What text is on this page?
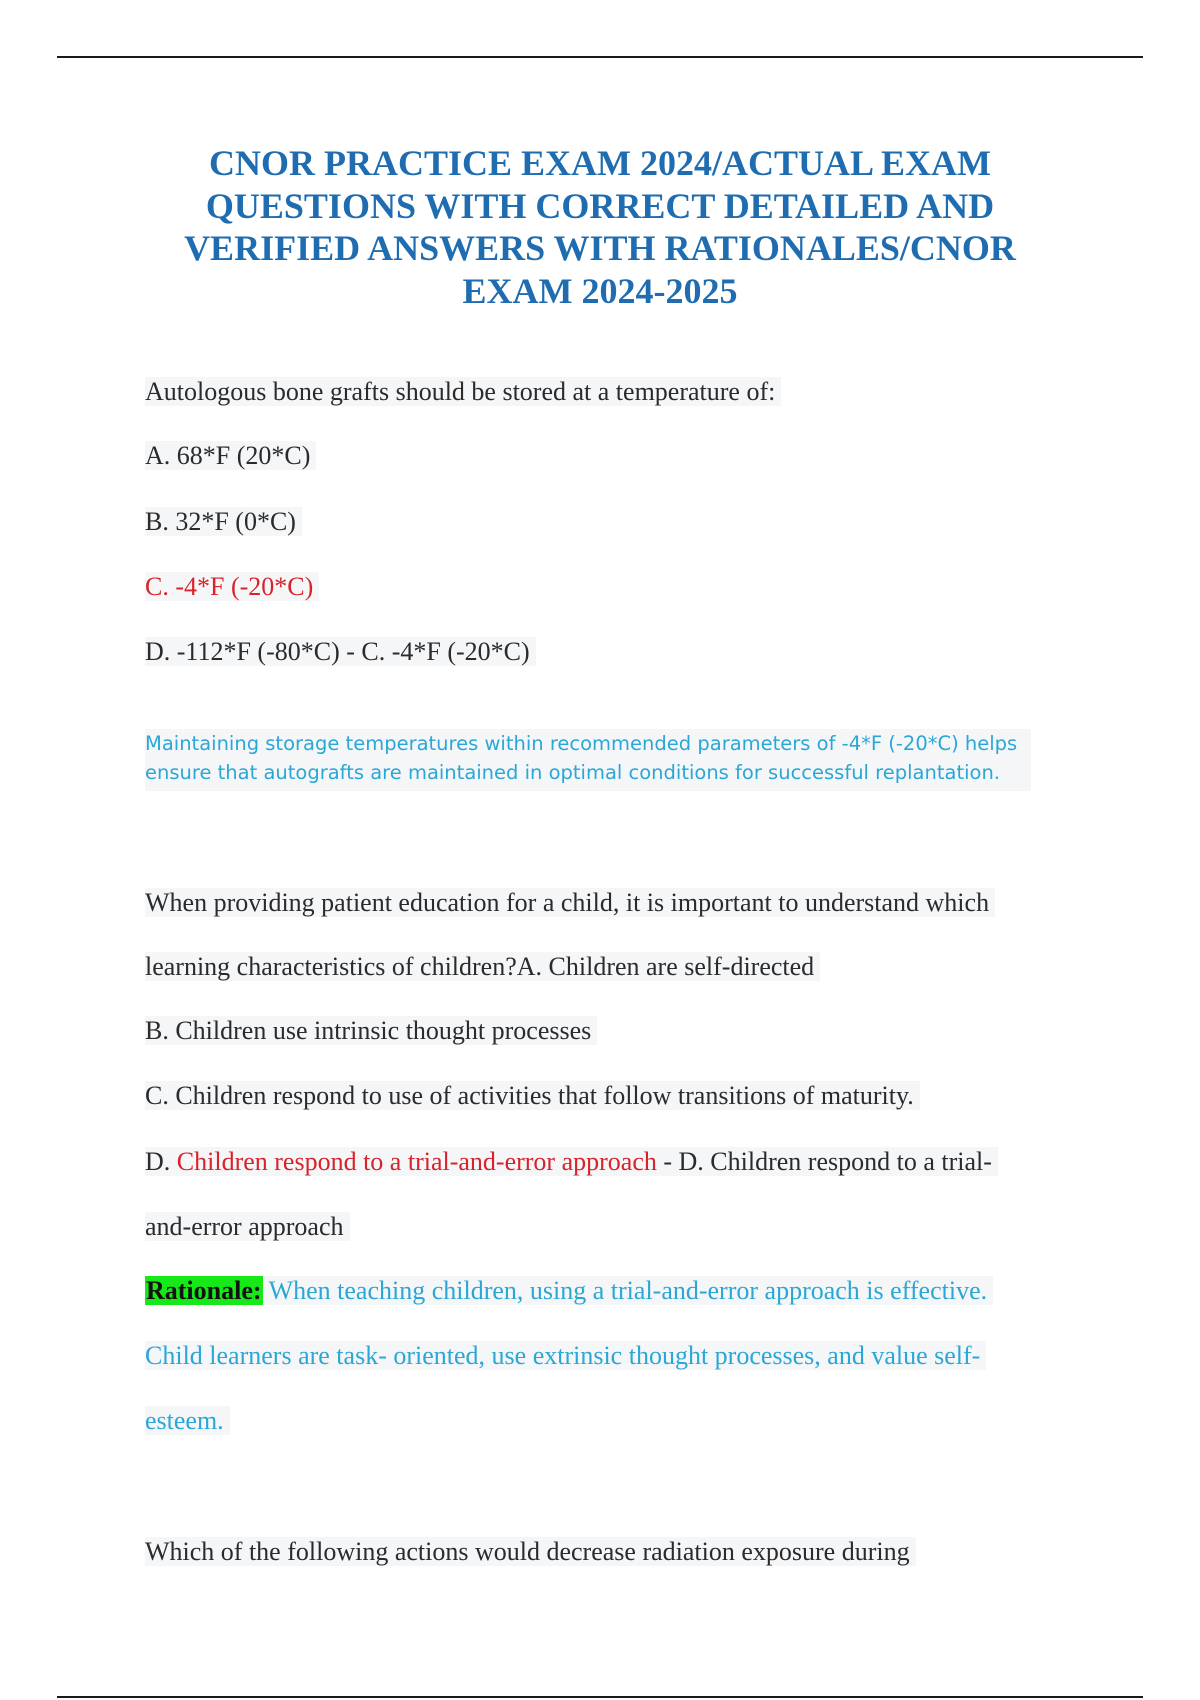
CNOR PRACTICE EXAM 2024/ACTUAL EXAM
QUESTIONS WITH CORRECT DETAILED AND
VERIFIED ANSWERS WITH RATIONALES/CNOR
EXAM 2024-2025
Autologous bone grafts should be stored at a temperature of:
A. 68*F (20*C)
B. 32*F (0*C)
C. -4*F (-20*C)
D. -112*F (-80*C) - C. -4*F (-20*C)
Maintaining storage temperatures within recommended parameters of -4*F (-20*C) helps
ensure that autografts are maintained in optimal conditions for successful replantation.
When providing patient education for a child, it is important to understand which
learning characteristics of children?A. Children are self-directed
B. Children use intrinsic thought processes
C. Children respond to use of activities that follow transitions of maturity.
D. Children respond to a trial-and-error approach - D. Children respond to a trial-
and-error approach
Rationale: When teaching children, using a trial-and-error approach is effective.
Child learners are task- oriented, use extrinsic thought processes, and value self-
esteem.
Which of the following actions would decrease radiation exposure during
